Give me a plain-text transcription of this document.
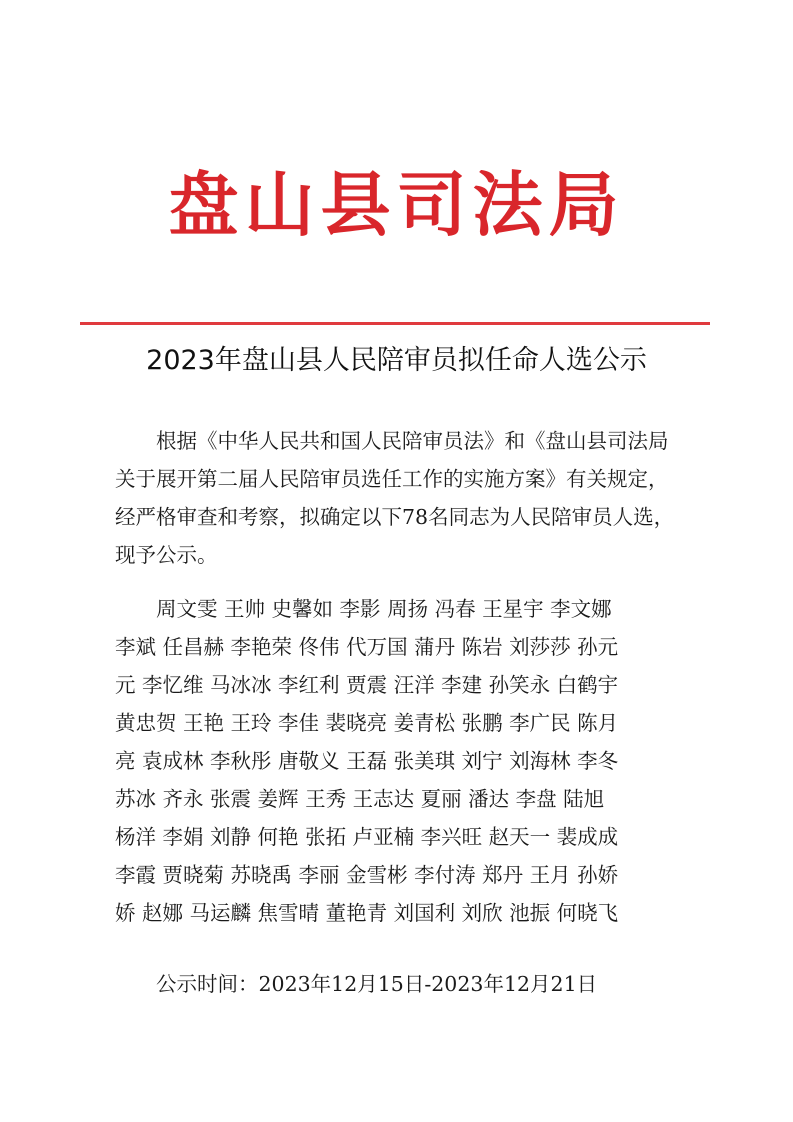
盘山县司法局
2023年盘山县人民陪审员拟任命人选公示
根据《中华人民共和国人民陪审员法》和《盘山县司法局
关于展开第二届人民陪审员选任工作的实施方案》有关规定，
经严格审查和考察，拟确定以下78名同志为人民陪审员人选，
现予公示。
周文雯 王帅 史馨如 李影 周扬 冯春 王星宇 李文娜
李斌 任昌赫 李艳荣 佟伟 代万国 蒲丹 陈岩 刘莎莎 孙元
元 李忆维 马冰冰 李红利 贾震 汪洋 李建 孙笑永 白鹤宇
黄忠贺 王艳 王玲 李佳 裴晓亮 姜青松 张鹏 李广民 陈月
亮 袁成林 李秋彤 唐敬义 王磊 张美琪 刘宁 刘海林 李冬
苏冰 齐永 张震 姜辉 王秀 王志达 夏丽 潘达 李盘 陆旭
杨洋 李娟 刘静 何艳 张拓 卢亚楠 李兴旺 赵天一 裴成成
李霞 贾晓菊 苏晓禹 李丽 金雪彬 李付涛 郑丹 王月 孙娇
娇 赵娜 马运麟 焦雪晴 董艳青 刘国利 刘欣 池振 何晓飞
公示时间：2023年12月15日-2023年12月21日
